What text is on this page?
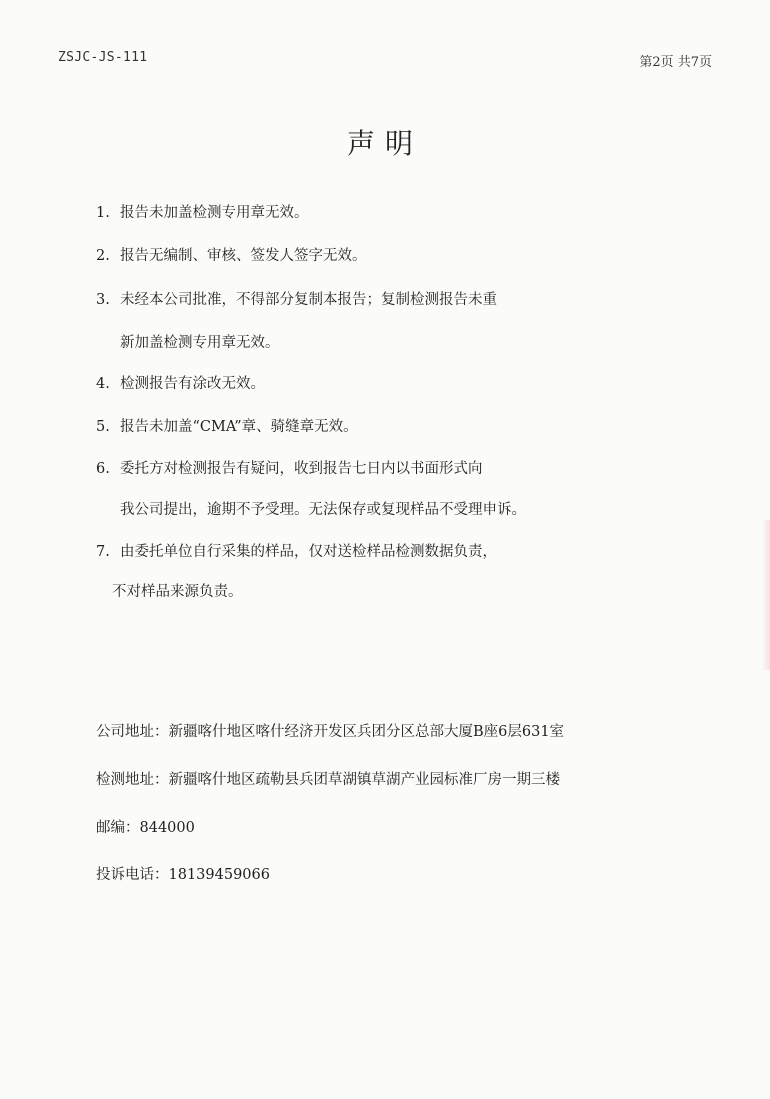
ZSJC-JS-111	第2页 共7页
声明
1. 报告未加盖检测专用章无效。
2. 报告无编制、审核、签发人签字无效。
3. 未经本公司批准，不得部分复制本报告；复制检测报告未重
新加盖检测专用章无效。
4. 检测报告有涂改无效。
5. 报告未加盖“CMA”章、骑缝章无效。
6. 委托方对检测报告有疑问，收到报告七日内以书面形式向
我公司提出，逾期不予受理。无法保存或复现样品不受理申诉。
7. 由委托单位自行采集的样品，仅对送检样品检测数据负责，
不对样品来源负责。
公司地址：新疆喀什地区喀什经济开发区兵团分区总部大厦B座6层631室
检测地址：新疆喀什地区疏勒县兵团草湖镇草湖产业园标准厂房一期三楼
邮编：844000
投诉电话：18139459066
